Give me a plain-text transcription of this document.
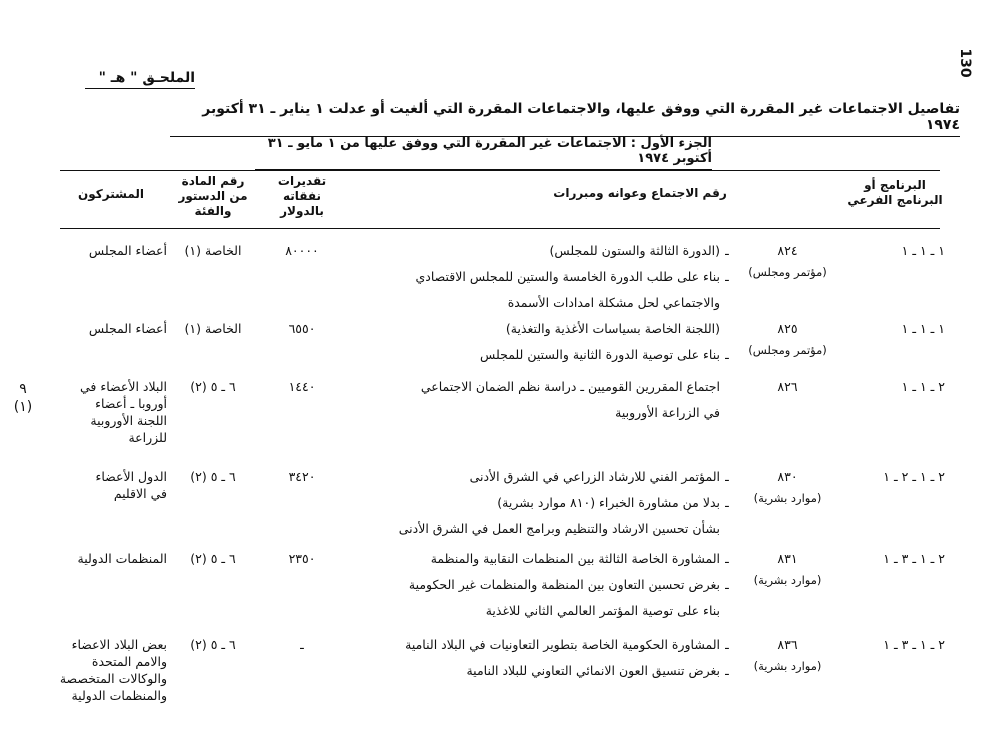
130
٩
(١)
الملحـق " هـ "
تفاصيل الاجتماعات غير المقررة التي ووفق عليها، والاجتماعات المقررة التي ألغيت أو عدلت ١ يناير ـ ٣١ أكتوبر ١٩٧٤
الجزء الأول : الاجتماعات غير المقررة التي ووفق عليها من ١ مايو ـ ٣١ أكتوبر ١٩٧٤
البرنامج أو
البرنامج الفرعي
رقم الاجتماع وعوانه ومبررات
تقديرات نفقاته
بالدولار
رقم المادة
من الدستور
والفئة
المشتركون
١ ـ ١ ـ ١
٨٢٤
(مؤتمر ومجلس)
(الدورة الثالثة والستون للمجلس) ـ
بناء على طلب الدورة الخامسة والستين للمجلس الاقتصادي ـ
والاجتماعي لحل مشكلة امدادات الأسمدة
٨٠٠٠٠
الخاصة (١)
أعضاء المجلس
١ ـ ١ ـ ١
٨٢٥
(مؤتمر ومجلس)
(اللجنة الخاصة بسياسات الأغذية والتغذية)
بناء على توصية الدورة الثانية والستين للمجلس ـ
٦٥٥٠
الخاصة (١)
أعضاء المجلس
٢ ـ ١ ـ ١
٨٢٦
اجتماع المقررين القوميين ـ دراسة نظم الضمان الاجتماعي
في الزراعة الأوروبية
١٤٤٠
٦ ـ ٥ (٢)
البلاد الأعضاء في
أوروبا ـ أعضاء
اللجنة الأوروبية
للزراعة
٢ ـ ١ ـ ٢ ـ ١
٨٣٠
(موارد بشرية)
المؤتمر الفني للارشاد الزراعي في الشرق الأدنى ـ
بدلا من مشاورة الخبراء (٨١٠ موارد بشرية) ـ
بشأن تحسين الارشاد والتنظيم وبرامج العمل في الشرق الأدنى
٣٤٢٠
٦ ـ ٥ (٢)
الدول الأعضاء
في الاقليم
٢ ـ ١ ـ ٣ ـ ١
٨٣١
(موارد بشرية)
المشاورة الخاصة الثالثة بين المنظمات النقابية والمنظمة ـ
بغرض تحسين التعاون بين المنظمة والمنظمات غير الحكومية ـ
بناء على توصية المؤتمر العالمي الثاني للاغذية
٢٣٥٠
٦ ـ ٥ (٢)
المنظمات الدولية
٢ ـ ١ ـ ٣ ـ ١
٨٣٦
(موارد بشرية)
المشاورة الحكومية الخاصة بتطوير التعاونيات في البلاد النامية ـ
بغرض تنسيق العون الانمائي التعاوني للبلاد النامية ـ
ـ
٦ ـ ٥ (٢)
بعض البلاد الاعضاء
والامم المتحدة
والوكالات المتخصصة
والمنظمات الدولية
